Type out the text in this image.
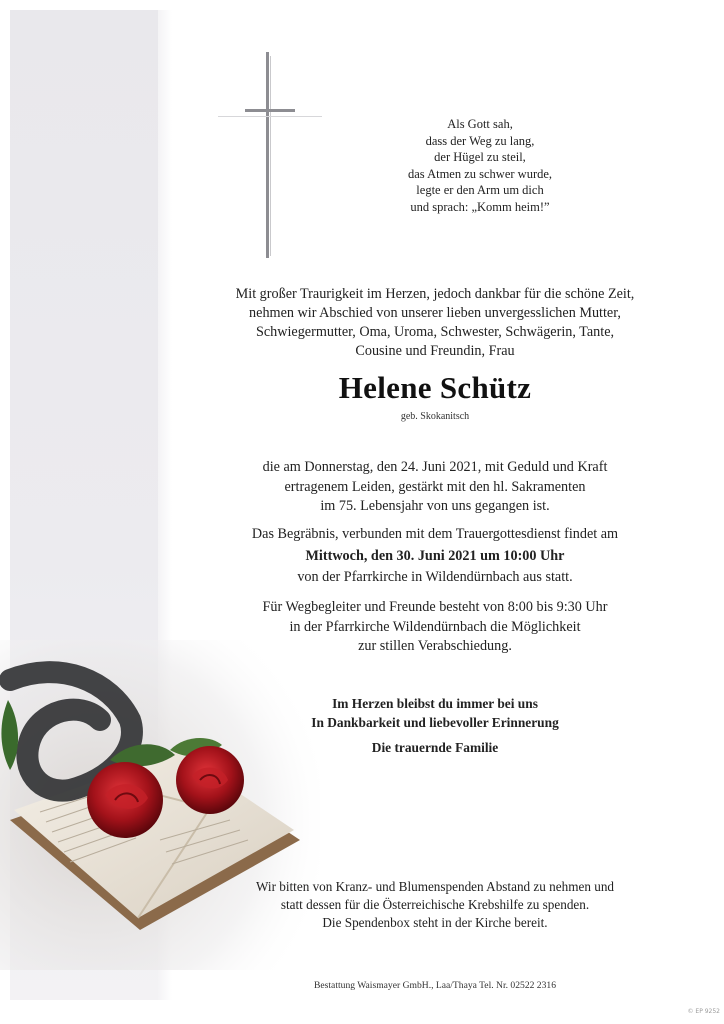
Als Gott sah,
dass der Weg zu lang,
der Hügel zu steil,
das Atmen zu schwer wurde,
legte er den Arm um dich
und sprach: „Komm heim!”
Mit großer Traurigkeit im Herzen, jedoch dankbar für die schöne Zeit,
nehmen wir Abschied von unserer lieben unvergesslichen Mutter,
Schwiegermutter, Oma, Uroma, Schwester, Schwägerin, Tante,
Cousine und Freundin, Frau
Helene Schütz
geb. Skokanitsch
die am Donnerstag, den 24. Juni 2021, mit Geduld und Kraft
ertragenem Leiden, gestärkt mit den hl. Sakramenten
im 75. Lebensjahr von uns gegangen ist.
Das Begräbnis, verbunden mit dem Trauergottesdienst findet am
Mittwoch, den 30. Juni 2021 um 10:00 Uhr
von der Pfarrkirche in Wildendürnbach aus statt.
Für Wegbegleiter und Freunde besteht von 8:00 bis 9:30 Uhr
in der Pfarrkirche Wildendürnbach die Möglichkeit
zur stillen Verabschiedung.
Im Herzen bleibst du immer bei uns
In Dankbarkeit und liebevoller Erinnerung
Die trauernde Familie
Wir bitten von Kranz- und Blumenspenden Abstand zu nehmen und
statt dessen für die Österreichische Krebshilfe zu spenden.
Die Spendenbox steht in der Kirche bereit.
Bestattung Waismayer GmbH., Laa/Thaya Tel. Nr. 02522 2316
© EP 9252
